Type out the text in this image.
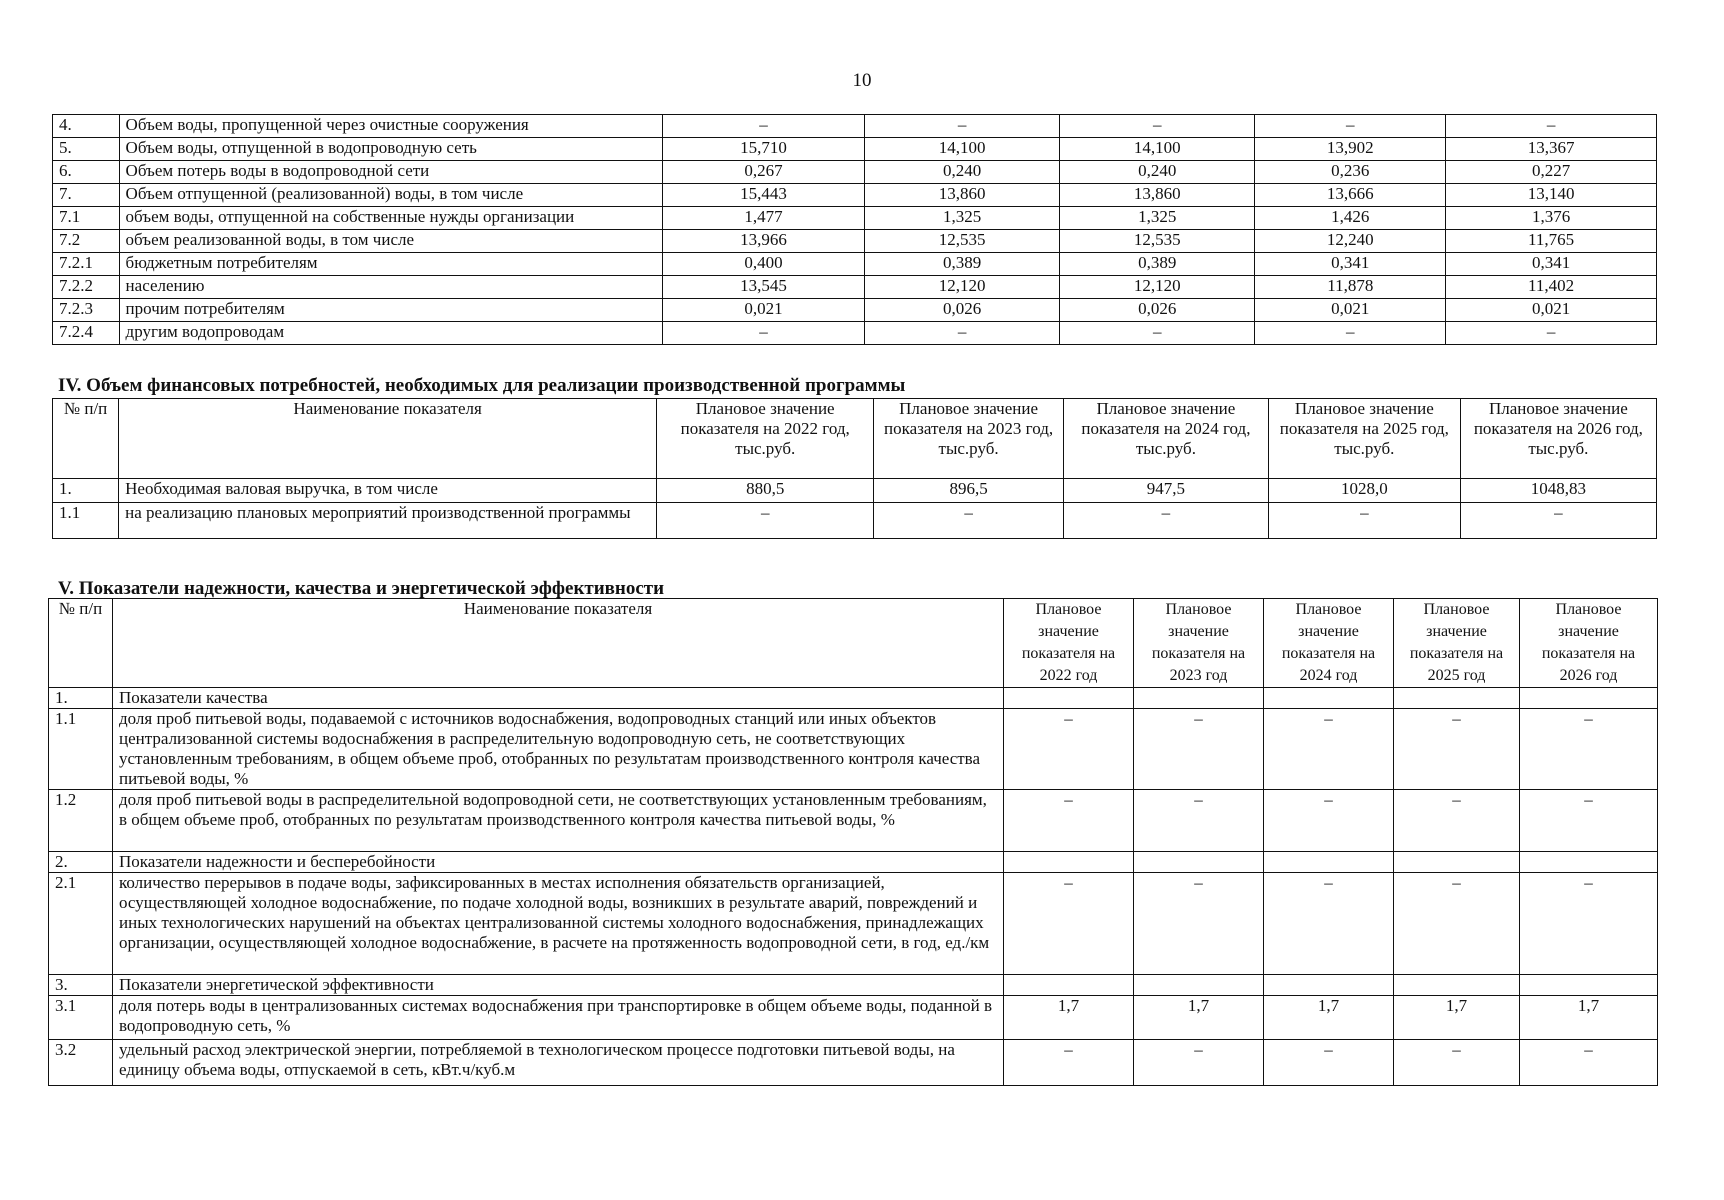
10
4.	Объем воды, пропущенной через очистные сооружения	–	–	–	–	–
5.	Объем воды, отпущенной в водопроводную сеть	15,710	14,100	14,100	13,902	13,367
6.	Объем потерь воды в водопроводной сети	0,267	0,240	0,240	0,236	0,227
7.	Объем отпущенной (реализованной) воды, в том числе	15,443	13,860	13,860	13,666	13,140
7.1	объем воды, отпущенной на собственные нужды организации	1,477	1,325	1,325	1,426	1,376
7.2	объем реализованной воды, в том числе	13,966	12,535	12,535	12,240	11,765
7.2.1	бюджетным потребителям	0,400	0,389	0,389	0,341	0,341
7.2.2	населению	13,545	12,120	12,120	11,878	11,402
7.2.3	прочим потребителям	0,021	0,026	0,026	0,021	0,021
7.2.4	другим водопроводам	–	–	–	–	–
IV. Объем финансовых потребностей, необходимых для реализации производственной программы
№ п/п	Наименование показателя	Плановое значение показателя на 2022 год, тыс.руб.	Плановое значение показателя на 2023 год, тыс.руб.	Плановое значение показателя на 2024 год, тыс.руб.	Плановое значение показателя на 2025 год, тыс.руб.	Плановое значение показателя на 2026 год, тыс.руб.
1.	Необходимая валовая выручка, в том числе	880,5	896,5	947,5	1028,0	1048,83
1.1	на реализацию плановых мероприятий производственной программы	–	–	–	–	–
V. Показатели надежности, качества и энергетической эффективности
№ п/п	Наименование показателя	Плановое значение показателя на 2022 год	Плановое значение показателя на 2023 год	Плановое значение показателя на 2024 год	Плановое значение показателя на 2025 год	Плановое значение показателя на 2026 год
1.	Показатели качества					
1.1	доля проб питьевой воды, подаваемой с источников водоснабжения, водопроводных станций или иных объектов централизованной системы водоснабжения в распределительную водопроводную сеть, не соответствующих установленным требованиям, в общем объеме проб, отобранных по результатам производственного контроля качества питьевой воды, %	–	–	–	–	–
1.2	доля проб питьевой воды в распределительной водопроводной сети, не соответствующих установленным требованиям, в общем объеме проб, отобранных по результатам производственного контроля качества питьевой воды, %	–	–	–	–	–
2.	Показатели надежности и бесперебойности					
2.1	количество перерывов в подаче воды, зафиксированных в местах исполнения обязательств организацией, осуществляющей холодное водоснабжение, по подаче холодной воды, возникших в результате аварий, повреждений и иных технологических нарушений на объектах централизованной системы холодного водоснабжения, принадлежащих организации, осуществляющей холодное водоснабжение, в расчете на протяженность водопроводной сети, в год, ед./км	–	–	–	–	–
3.	Показатели энергетической эффективности					
3.1	доля потерь воды в централизованных системах водоснабжения при транспортировке в общем объеме воды, поданной в водопроводную сеть, %	1,7	1,7	1,7	1,7	1,7
3.2	удельный расход электрической энергии, потребляемой в технологическом процессе подготовки питьевой воды, на единицу объема воды, отпускаемой в сеть, кВт.ч/куб.м	–	–	–	–	–
